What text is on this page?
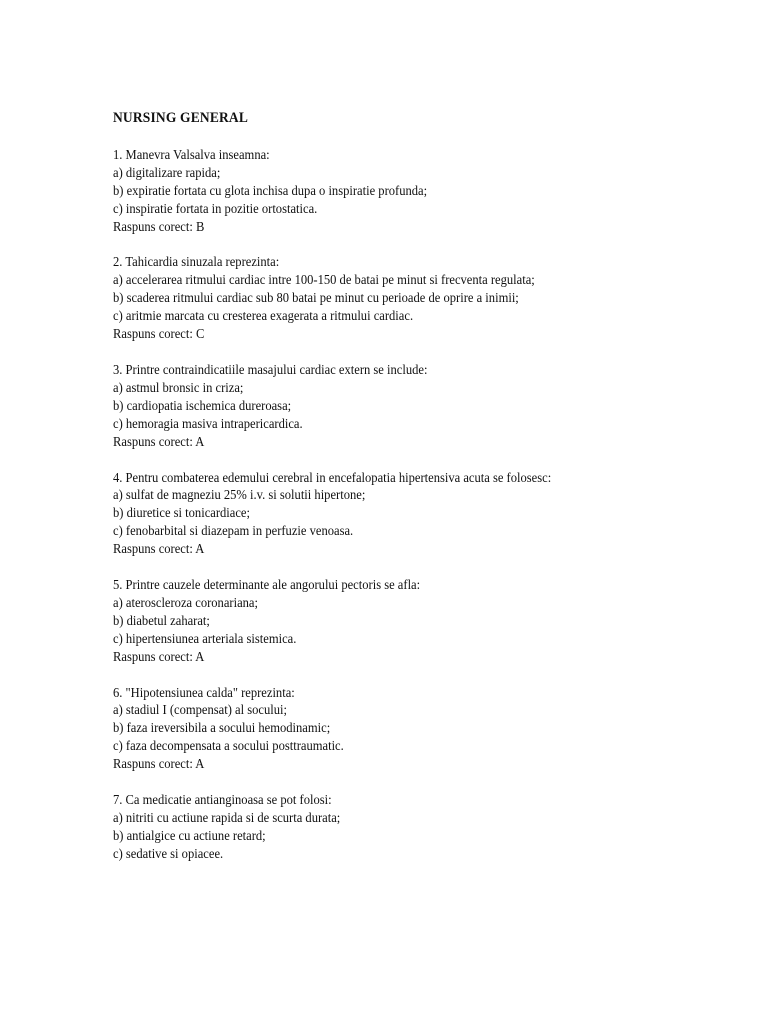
NURSING GENERAL
1. Manevra Valsalva inseamna:
a) digitalizare rapida;
b) expiratie fortata cu glota inchisa dupa o inspiratie profunda;
c) inspiratie fortata in pozitie ortostatica.
Raspuns corect: B
2. Tahicardia sinuzala reprezinta:
a) accelerarea ritmului cardiac intre 100-150 de batai pe minut si frecventa regulata;
b) scaderea ritmului cardiac sub 80 batai pe minut cu perioade de oprire a inimii;
c) aritmie marcata cu cresterea exagerata a ritmului cardiac.
Raspuns corect: C
3. Printre contraindicatiile masajului cardiac extern se include:
a) astmul bronsic in criza;
b) cardiopatia ischemica dureroasa;
c) hemoragia masiva intrapericardica.
Raspuns corect: A
4. Pentru combaterea edemului cerebral in encefalopatia hipertensiva acuta se folosesc:
a) sulfat de magneziu 25% i.v. si solutii hipertone;
b) diuretice si tonicardiace;
c) fenobarbital si diazepam in perfuzie venoasa.
Raspuns corect: A
5. Printre cauzele determinante ale angorului pectoris se afla:
a) ateroscleroza coronariana;
b) diabetul zaharat;
c) hipertensiunea arteriala sistemica.
Raspuns corect: A
6. "Hipotensiunea calda" reprezinta:
a) stadiul I (compensat) al socului;
b) faza ireversibila a socului hemodinamic;
c) faza decompensata a socului posttraumatic.
Raspuns corect: A
7. Ca medicatie antianginoasa se pot folosi:
a) nitriti cu actiune rapida si de scurta durata;
b) antialgice cu actiune retard;
c) sedative si opiacee.
